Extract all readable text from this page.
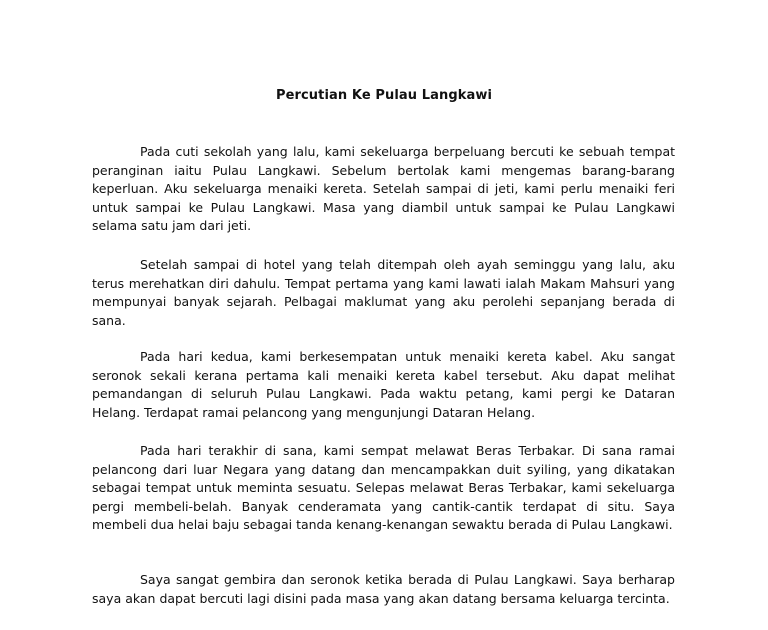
Percutian Ke Pulau Langkawi

Pada cuti sekolah yang lalu, kami sekeluarga berpeluang bercuti ke sebuah tempat peranginan iaitu Pulau Langkawi. Sebelum bertolak kami mengemas barang-barang keperluan. Aku sekeluarga menaiki kereta. Setelah sampai di jeti, kami perlu menaiki feri untuk sampai ke Pulau Langkawi. Masa yang diambil untuk sampai ke Pulau Langkawi selama satu jam dari jeti.

Setelah sampai di hotel yang telah ditempah oleh ayah seminggu yang lalu, aku terus merehatkan diri dahulu. Tempat pertama yang kami lawati ialah Makam Mahsuri yang mempunyai banyak sejarah. Pelbagai maklumat yang aku perolehi sepanjang berada di sana.

Pada hari kedua, kami berkesempatan untuk menaiki kereta kabel. Aku sangat seronok sekali kerana pertama kali menaiki kereta kabel tersebut. Aku dapat melihat pemandangan di seluruh Pulau Langkawi. Pada waktu petang, kami pergi ke Dataran Helang. Terdapat ramai pelancong yang mengunjungi Dataran Helang.

Pada hari terakhir di sana, kami sempat melawat Beras Terbakar. Di sana ramai pelancong dari luar Negara yang datang dan mencampakkan duit syiling, yang dikatakan sebagai tempat untuk meminta sesuatu. Selepas melawat Beras Terbakar, kami sekeluarga pergi membeli-belah. Banyak cenderamata yang cantik-cantik terdapat di situ. Saya membeli dua helai baju sebagai tanda kenang-kenangan sewaktu berada di Pulau Langkawi.

Saya sangat gembira dan seronok ketika berada di Pulau Langkawi. Saya berharap saya akan dapat bercuti lagi disini pada masa yang akan datang bersama keluarga tercinta.
